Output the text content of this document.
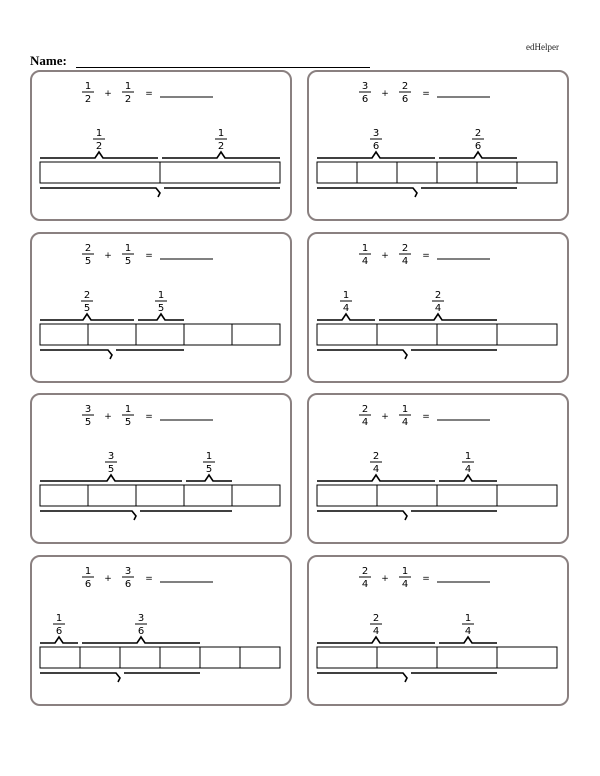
edHelper
Name:
1
2 +
1
2 =
1
2
1
2
3
6 +
2
6 =
3
6
2
6
2
5 +
1
5 =
2
5
1
5
1
4 +
2
4 =
1
4
2
4
3
5 +
1
5 =
3
5
1
5
2
4 +
1
4 =
2
4
1
4
1
6 +
3
6 =
1
6
3
6
2
4 +
1
4 =
2
4
1
4
